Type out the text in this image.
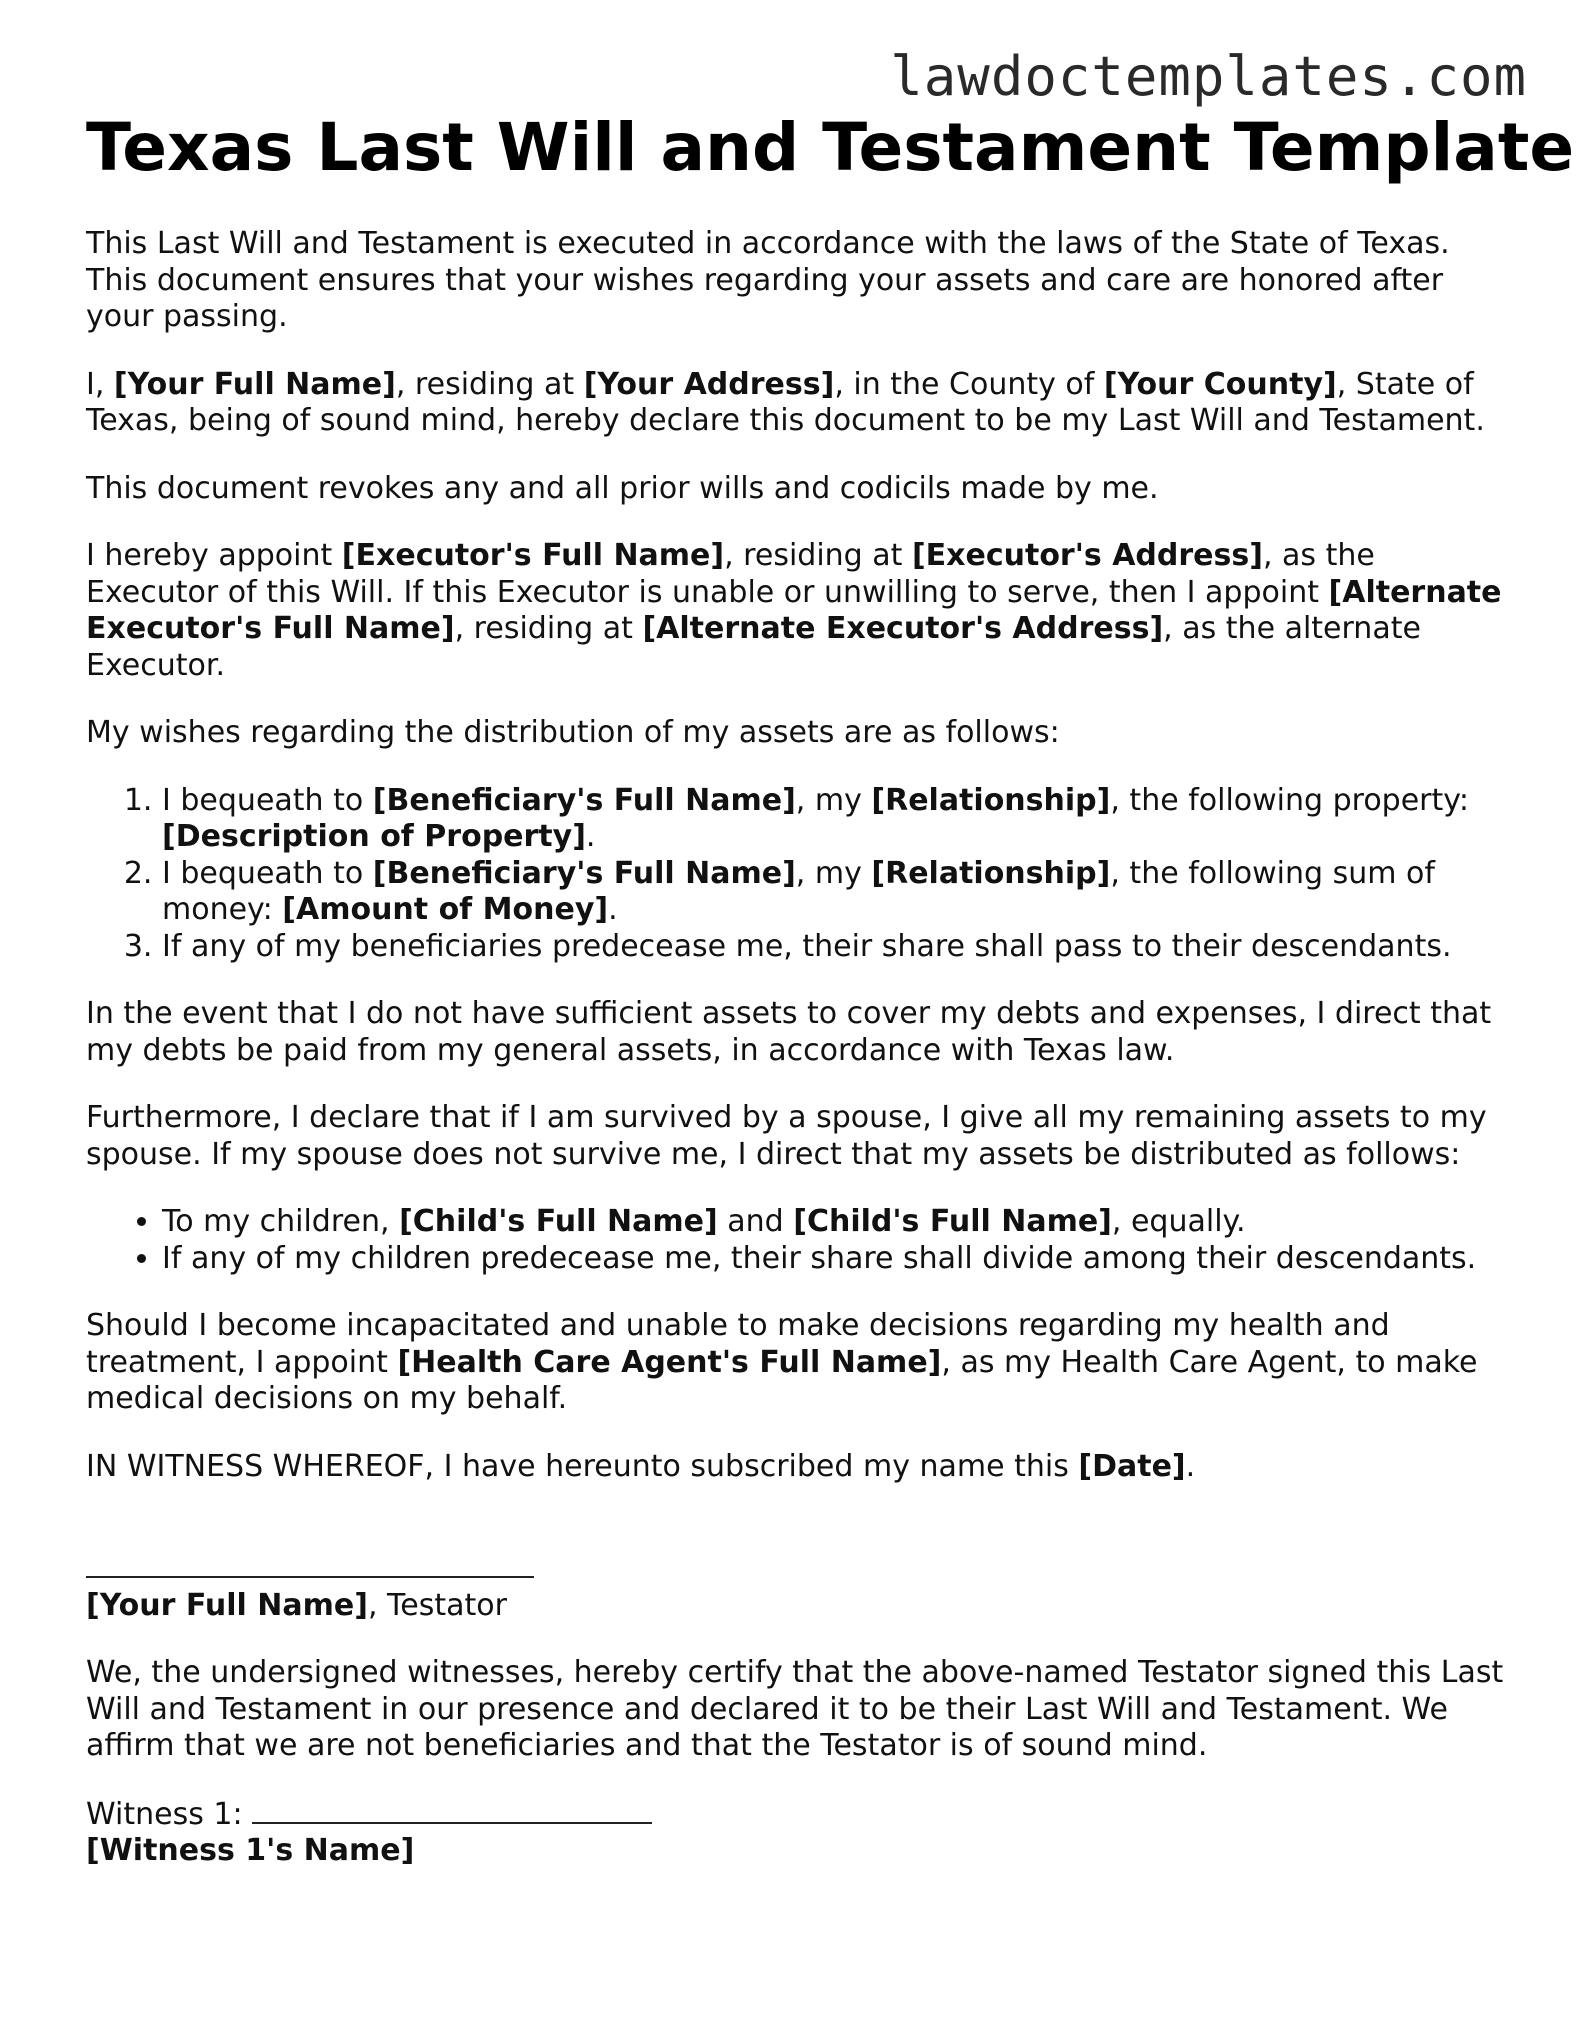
lawdoctemplates.com
Texas Last Will and Testament Template

This Last Will and Testament is executed in accordance with the laws of the State of Texas. This document ensures that your wishes regarding your assets and care are honored after your passing.

I, [Your Full Name], residing at [Your Address], in the County of [Your County], State of Texas, being of sound mind, hereby declare this document to be my Last Will and Testament.

This document revokes any and all prior wills and codicils made by me.

I hereby appoint [Executor's Full Name], residing at [Executor's Address], as the Executor of this Will. If this Executor is unable or unwilling to serve, then I appoint [Alternate Executor's Full Name], residing at [Alternate Executor's Address], as the alternate Executor.

My wishes regarding the distribution of my assets are as follows:

1. I bequeath to [Beneficiary's Full Name], my [Relationship], the following property: [Description of Property].
2. I bequeath to [Beneficiary's Full Name], my [Relationship], the following sum of money: [Amount of Money].
3. If any of my beneficiaries predecease me, their share shall pass to their descendants.

In the event that I do not have sufficient assets to cover my debts and expenses, I direct that my debts be paid from my general assets, in accordance with Texas law.

Furthermore, I declare that if I am survived by a spouse, I give all my remaining assets to my spouse. If my spouse does not survive me, I direct that my assets be distributed as follows:

• To my children, [Child's Full Name] and [Child's Full Name], equally.
• If any of my children predecease me, their share shall divide among their descendants.

Should I become incapacitated and unable to make decisions regarding my health and treatment, I appoint [Health Care Agent's Full Name], as my Health Care Agent, to make medical decisions on my behalf.

IN WITNESS WHEREOF, I have hereunto subscribed my name this [Date].

[Your Full Name], Testator

We, the undersigned witnesses, hereby certify that the above-named Testator signed this Last Will and Testament in our presence and declared it to be their Last Will and Testament. We affirm that we are not beneficiaries and that the Testator is of sound mind.

Witness 1:
[Witness 1's Name]
